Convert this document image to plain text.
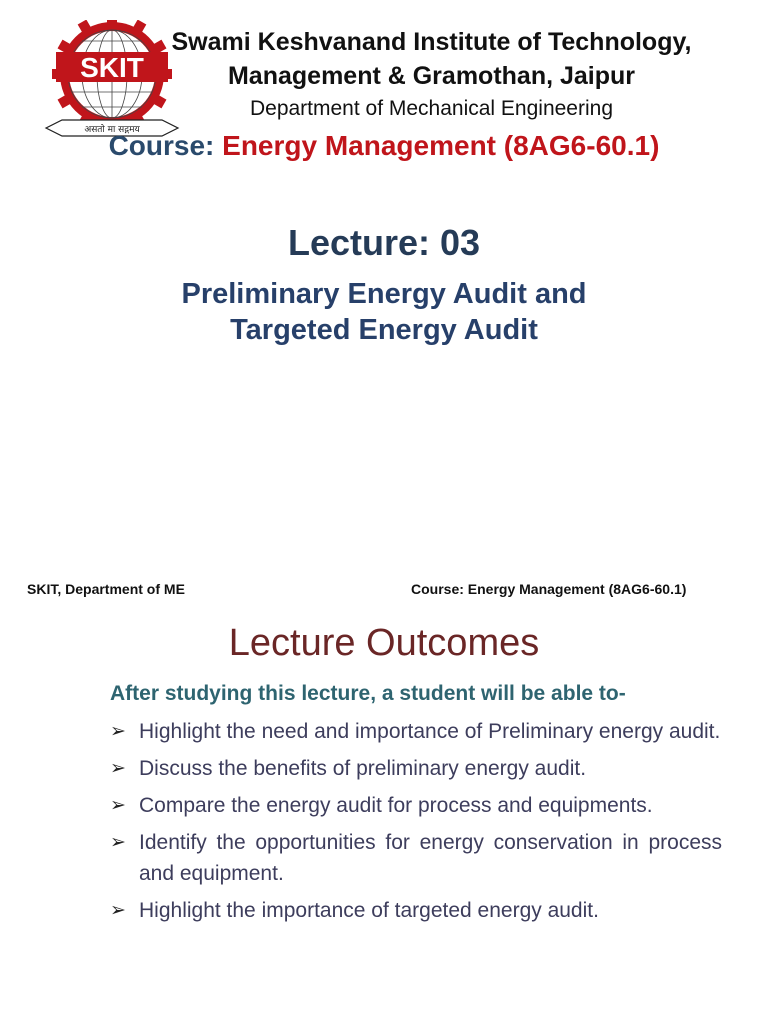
SKIT
असतो मा सद्गमय
Swami Keshvanand Institute of Technology,
Management & Gramothan, Jaipur
Department of Mechanical Engineering
Course: Energy Management (8AG6-60.1)
Lecture: 03
Preliminary Energy Audit and
Targeted Energy Audit
SKIT, Department of ME	Course: Energy Management (8AG6-60.1)
Lecture Outcomes
After studying this lecture, a student will be able to-
➢ Highlight the need and importance of Preliminary energy audit.
➢ Discuss the benefits of preliminary energy audit.
➢ Compare the energy audit for process and equipments.
➢ Identify the opportunities for energy conservation in process and equipment.
➢ Highlight the importance of targeted energy audit.
